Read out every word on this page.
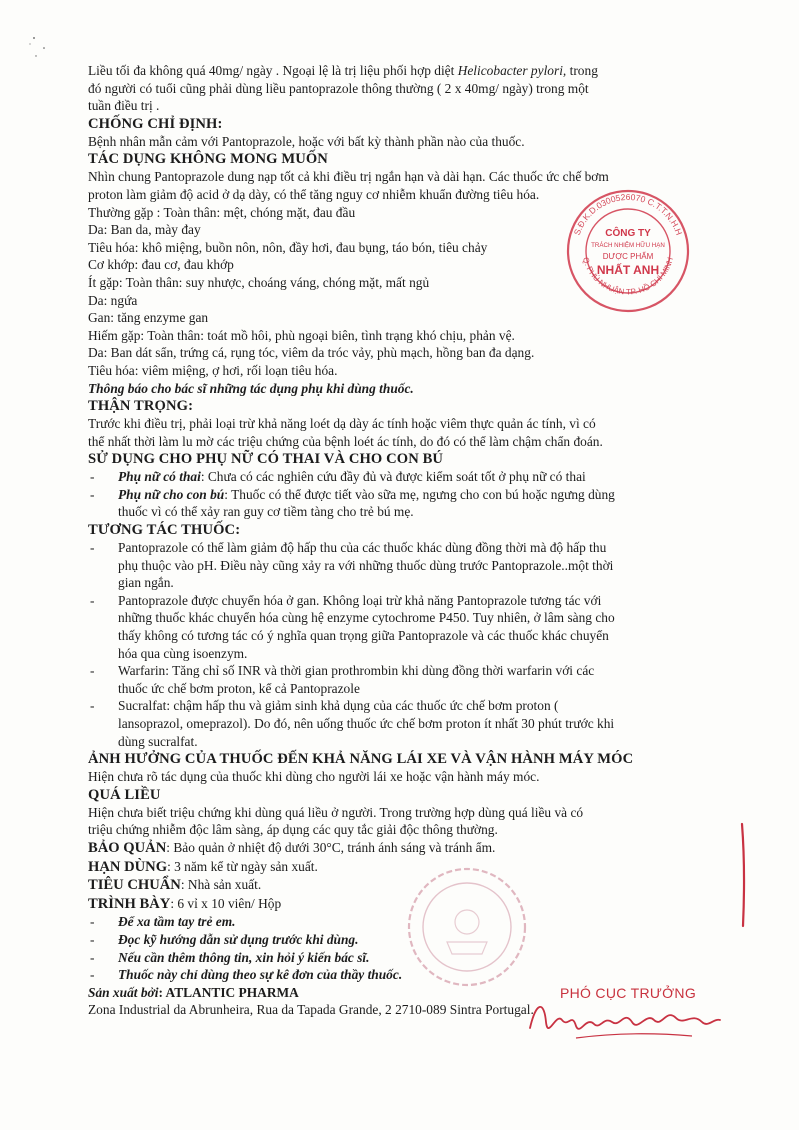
Liều tối đa không quá 40mg/ ngày . Ngoại lệ là trị liệu phối hợp diệt Helicobacter pylori, trong
đó người có tuổi cũng phải dùng liều pantoprazole thông thường ( 2 x 40mg/ ngày) trong một
tuần điều trị .
CHỐNG CHỈ ĐỊNH:
Bệnh nhân mẫn cảm với Pantoprazole, hoặc với bất kỳ thành phần nào của thuốc.
TÁC DỤNG KHÔNG MONG MUỐN
Nhìn chung Pantoprazole dung nạp tốt cả khi điều trị ngắn hạn và dài hạn. Các thuốc ức chế bơm
proton làm giảm độ acid ở dạ dày, có thể tăng nguy cơ nhiễm khuẩn đường tiêu hóa.
Thường gặp : Toàn thân: mệt, chóng mặt, đau đầu
Da: Ban da, mày đay
Tiêu hóa: khô miệng, buồn nôn, nôn, đầy hơi, đau bụng, táo bón, tiêu chảy
Cơ khớp: đau cơ, đau khớp
Ít gặp: Toàn thân: suy nhược, choáng váng, chóng mặt, mất ngủ
Da: ngứa
Gan: tăng enzyme gan
Hiếm gặp: Toàn thân: toát mồ hôi, phù ngoại biên, tình trạng khó chịu, phản vệ.
Da: Ban dát sẩn, trứng cá, rụng tóc, viêm da tróc vảy, phù mạch, hồng ban đa dạng.
Tiêu hóa: viêm miệng, ợ hơi, rối loạn tiêu hóa.
Thông báo cho bác sĩ những tác dụng phụ khi dùng thuốc.
THẬN TRỌNG:
Trước khi điều trị, phải loại trừ khả năng loét dạ dày ác tính hoặc viêm thực quản ác tính, vì có
thể nhất thời làm lu mờ các triệu chứng của bệnh loét ác tính, do đó có thể làm chậm chẩn đoán.
SỬ DỤNG CHO PHỤ NỮ CÓ THAI VÀ CHO CON BÚ
- Phụ nữ có thai: Chưa có các nghiên cứu đầy đủ và được kiểm soát tốt ở phụ nữ có thai
- Phụ nữ cho con bú: Thuốc có thể được tiết vào sữa mẹ, ngưng cho con bú hoặc ngưng dùng
thuốc vì có thể xảy ran guy cơ tiềm tàng cho trẻ bú mẹ.
TƯƠNG TÁC THUỐC:
- Pantoprazole có thể làm giảm độ hấp thu của các thuốc khác dùng đồng thời mà độ hấp thu
phụ thuộc vào pH. Điều này cũng xảy ra với những thuốc dùng trước Pantoprazole..một thời
gian ngắn.
- Pantoprazole được chuyển hóa ở gan. Không loại trừ khả năng Pantoprazole tương tác với
những thuốc khác chuyển hóa cùng hệ enzyme cytochrome P450. Tuy nhiên, ở lâm sàng cho
thấy không có tương tác có ý nghĩa quan trọng giữa Pantoprazole và các thuốc khác chuyển
hóa qua cùng isoenzym.
- Warfarin: Tăng chỉ số INR và thời gian prothrombin khi dùng đồng thời warfarin với các
thuốc ức chế bơm proton, kể cả Pantoprazole
- Sucralfat: chậm hấp thu và giảm sinh khả dụng của các thuốc ức chế bơm proton (
lansoprazol, omeprazol). Do đó, nên uống thuốc ức chế bơm proton ít nhất 30 phút trước khi
dùng sucralfat.
ẢNH HƯỞNG CỦA THUỐC ĐẾN KHẢ NĂNG LÁI XE VÀ VẬN HÀNH MÁY MÓC
Hiện chưa rõ tác dụng của thuốc khi dùng cho người lái xe hoặc vận hành máy móc.
QUÁ LIỀU
Hiện chưa biết triệu chứng khi dùng quá liều ở người. Trong trường hợp dùng quá liều và có
triệu chứng nhiễm độc lâm sàng, áp dụng các quy tắc giải độc thông thường.
BẢO QUẢN: Bảo quản ở nhiệt độ dưới 30°C, tránh ánh sáng và tránh ẩm.
HẠN DÙNG: 3 năm kể từ ngày sản xuất.
TIÊU CHUẨN: Nhà sản xuất.
TRÌNH BÀY: 6 vỉ x 10 viên/ Hộp
- Để xa tầm tay trẻ em.
- Đọc kỹ hướng dẫn sử dụng trước khi dùng.
- Nếu cần thêm thông tin, xin hỏi ý kiến bác sĩ.
- Thuốc này chỉ dùng theo sự kê đơn của thầy thuốc.
Sản xuất bởi: ATLANTIC PHARMA
Zona Industrial da Abrunheira, Rua da Tapada Grande, 2 2710-089 Sintra Portugal.
S.Đ.K.D.0300526070 C.T.T.N.H.H
Q. PHÚ NHUẬN TP. HỒ CHÍ MINH
CÔNG TY
TRÁCH NHIỆM HỮU HẠN
DƯỢC PHẨM
NHẤT ANH
PHÓ CỤC TRƯỞNG
